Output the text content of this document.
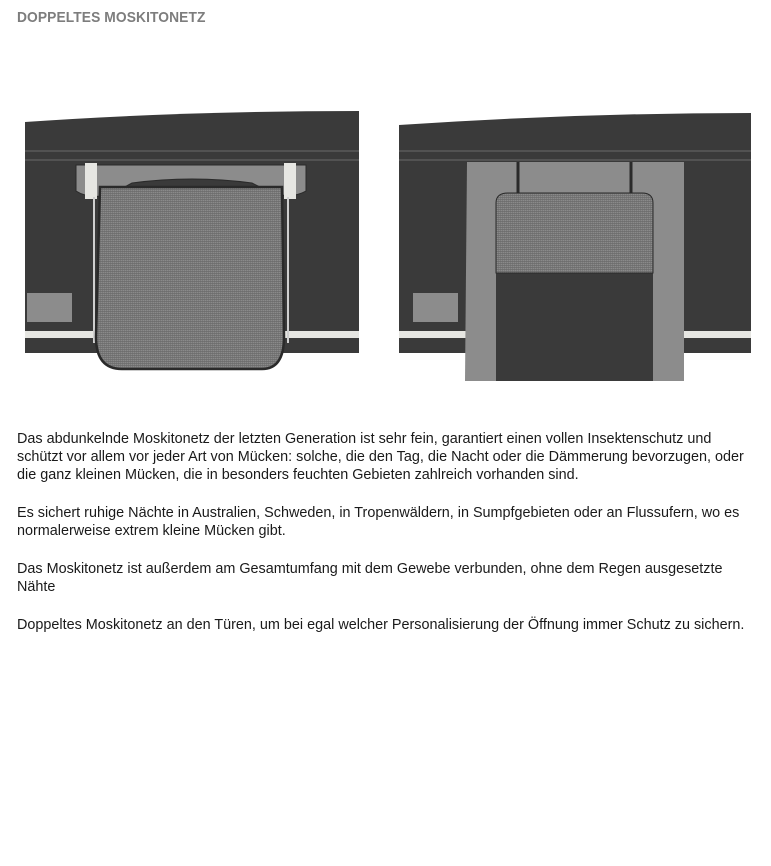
DOPPELTES MOSKITONETZ

Das abdunkelnde Moskitonetz der letzten Generation ist sehr fein, garantiert einen vollen Insektenschutz und schützt vor allem vor jeder Art von Mücken: solche, die den Tag, die Nacht oder die Dämmerung bevorzugen, oder die ganz kleinen Mücken, die in besonders feuchten Gebieten zahlreich vorhanden sind.

Es sichert ruhige Nächte in Australien, Schweden, in Tropenwäldern, in Sumpfgebieten oder an Flussufern, wo es normalerweise extrem kleine Mücken gibt.

Das Moskitonetz ist außerdem am Gesamtumfang mit dem Gewebe verbunden, ohne dem Regen ausgesetzte Nähte

Doppeltes Moskitonetz an den Türen, um bei egal welcher Personalisierung der Öffnung immer Schutz zu sichern.
